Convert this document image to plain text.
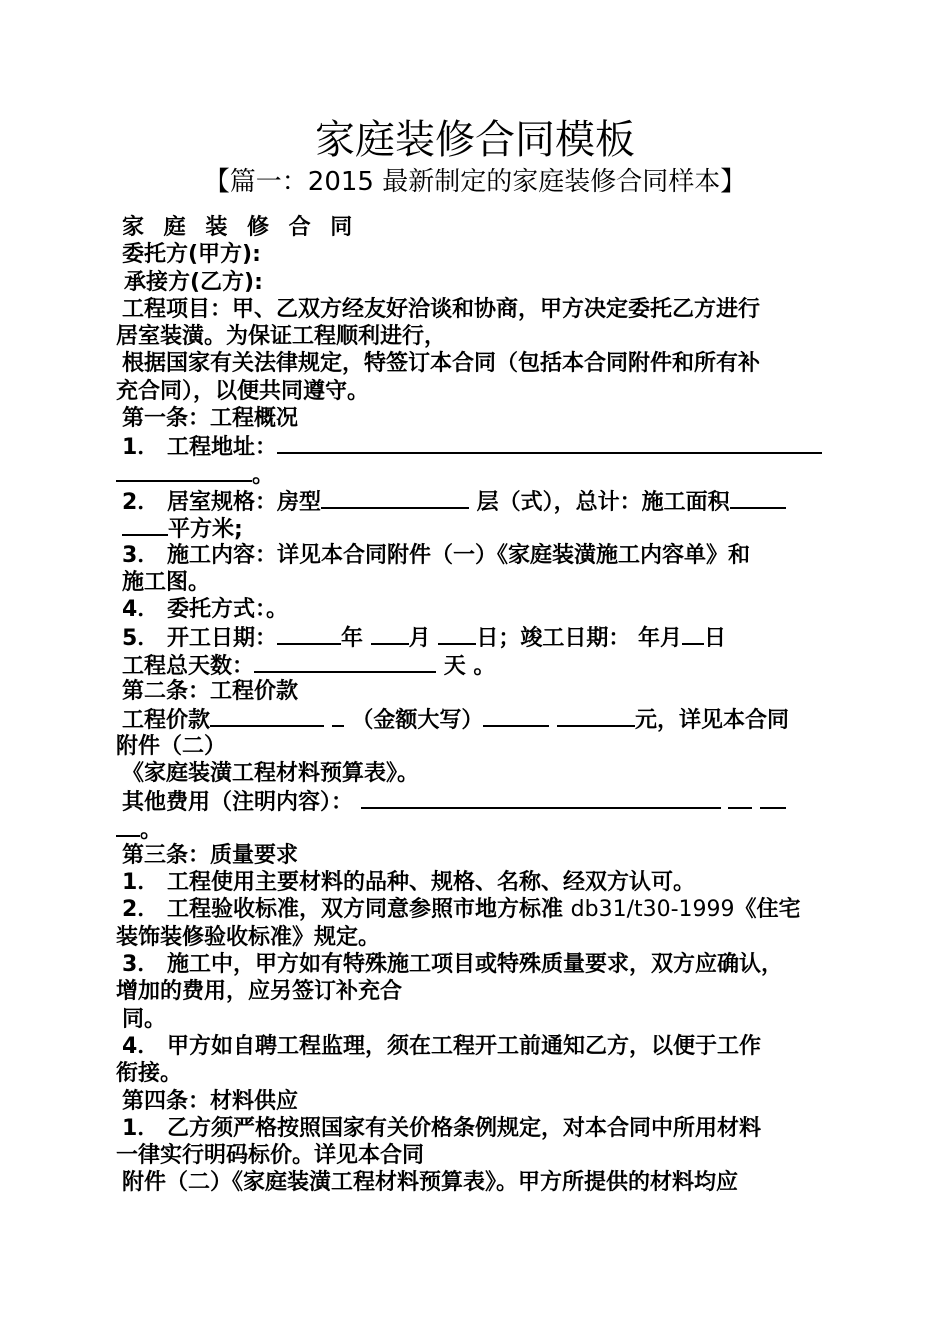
家庭装修合同模板
【篇一：2015 最新制定的家庭装修合同样本】
家 庭 装 修 合 同
委托方(甲方):
承接方(乙方):
工程项目：甲、乙双方经友好洽谈和协商，甲方决定委托乙方进行
居室装潢。为保证工程顺利进行，
根据国家有关法律规定，特签订本合同（包括本合同附件和所有补
充合同），以便共同遵守。
第一条：工程概况
1． 工程地址：
。
2． 居室规格：房型	层（式），总计：施工面积
平方米;
3． 施工内容：详见本合同附件（一）《家庭装潢施工内容单》和
施工图。
4． 委托方式：。
5． 开工日期：	年 月 日；竣工日期： 年月 日
工程总天数：	天 。
第二条：工程价款
工程价款	（金额大写）	元，详见本合同
附件（二）
《家庭装潢工程材料预算表》。
其他费用（注明内容）：
。
第三条：质量要求
1． 工程使用主要材料的品种、规格、名称、经双方认可。
2． 工程验收标准，双方同意参照市地方标准 db31/t30-1999《住宅
装饰装修验收标准》规定。
3． 施工中，甲方如有特殊施工项目或特殊质量要求，双方应确认，
增加的费用，应另签订补充合
同。
4． 甲方如自聘工程监理，须在工程开工前通知乙方，以便于工作
衔接。
第四条：材料供应
1． 乙方须严格按照国家有关价格条例规定，对本合同中所用材料
一律实行明码标价。详见本合同
附件（二）《家庭装潢工程材料预算表》。甲方所提供的材料均应
